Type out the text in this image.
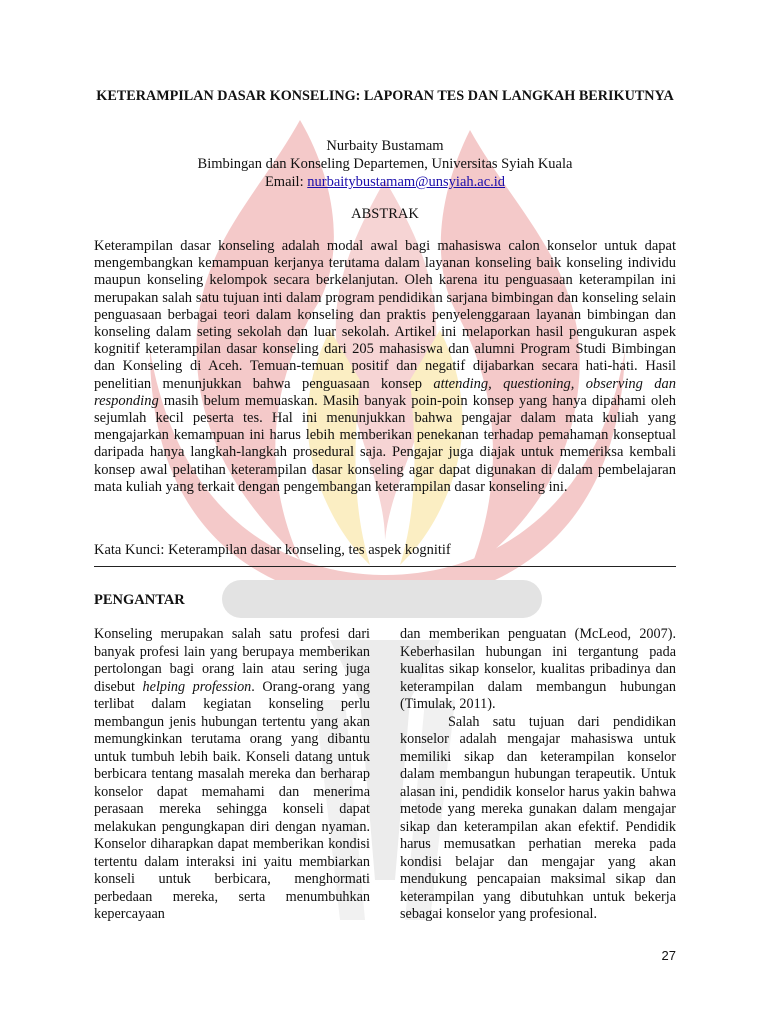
KETERAMPILAN DASAR KONSELING: LAPORAN TES DAN LANGKAH BERIKUTNYA

Nurbaity Bustamam

Bimbingan dan Konseling Departemen, Universitas Syiah Kuala

Email: nurbaitybustamam@unsyiah.ac.id

ABSTRAK

Keterampilan dasar konseling adalah modal awal bagi mahasiswa calon konselor untuk dapat mengembangkan kemampuan kerjanya terutama dalam layanan konseling baik konseling individu maupun konseling kelompok secara berkelanjutan. Oleh karena itu penguasaan keterampilan ini merupakan salah satu tujuan inti dalam program pendidikan sarjana bimbingan dan konseling selain penguasaan berbagai teori dalam konseling dan praktis penyelenggaraan layanan bimbingan dan konseling dalam seting sekolah dan luar sekolah. Artikel ini melaporkan hasil pengukuran aspek kognitif keterampilan dasar konseling dari 205 mahasiswa dan alumni Program Studi Bimbingan dan Konseling di Aceh. Temuan-temuan positif dan negatif dijabarkan secara hati-hati. Hasil penelitian menunjukkan bahwa penguasaan konsep attending, questioning, observing dan responding masih belum memuaskan. Masih banyak poin-poin konsep yang hanya dipahami oleh sejumlah kecil peserta tes. Hal ini menunjukkan bahwa pengajar dalam mata kuliah yang mengajarkan kemampuan ini harus lebih memberikan penekanan terhadap pemahaman konseptual daripada hanya langkah-langkah prosedural saja. Pengajar juga diajak untuk memeriksa kembali konsep awal pelatihan keterampilan dasar konseling agar dapat digunakan di dalam pembelajaran mata kuliah yang terkait dengan pengembangan keterampilan dasar konseling ini.

Kata Kunci: Keterampilan dasar konseling, tes aspek kognitif

PENGANTAR

Konseling merupakan salah satu profesi dari banyak profesi lain yang berupaya memberikan pertolongan bagi orang lain atau sering juga disebut helping profession. Orang-orang yang terlibat dalam kegiatan konseling perlu membangun jenis hubungan tertentu yang akan memungkinkan terutama orang yang dibantu untuk tumbuh lebih baik. Konseli datang untuk berbicara tentang masalah mereka dan berharap konselor dapat memahami dan menerima perasaan mereka sehingga konseli dapat melakukan pengungkapan diri dengan nyaman. Konselor diharapkan dapat memberikan kondisi tertentu dalam interaksi ini yaitu membiarkan konseli untuk berbicara, menghormati perbedaan mereka, serta menumbuhkan kepercayaan

dan memberikan penguatan (McLeod, 2007). Keberhasilan hubungan ini tergantung pada kualitas sikap konselor, kualitas pribadinya dan keterampilan dalam membangun hubungan (Timulak, 2011).

Salah satu tujuan dari pendidikan konselor adalah mengajar mahasiswa untuk memiliki sikap dan keterampilan konselor dalam membangun hubungan terapeutik. Untuk alasan ini, pendidik konselor harus yakin bahwa metode yang mereka gunakan dalam mengajar sikap dan keterampilan akan efektif. Pendidik harus memusatkan perhatian mereka pada kondisi belajar dan mengajar yang akan mendukung pencapaian maksimal sikap dan keterampilan yang dibutuhkan untuk bekerja sebagai konselor yang profesional.

27
